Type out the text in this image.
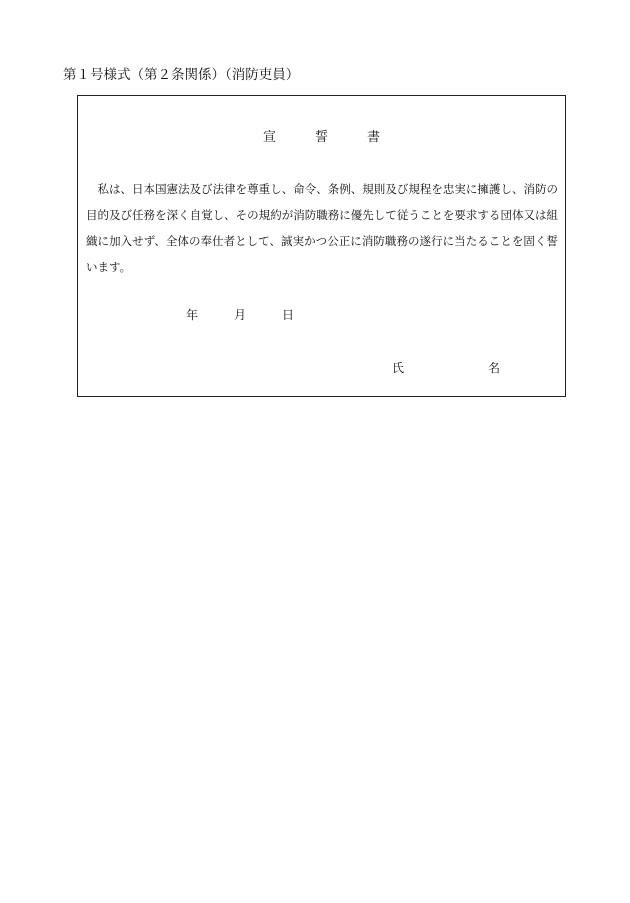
第１号様式（第２条関係）（消防吏員）
宣　　　誓　　　書

私は、日本国憲法及び法律を尊重し、命令、条例、規則及び規程を忠実に擁護し、消防の目的及び任務を深く自覚し、その規約が消防職務に優先して従うことを要求する団体又は組織に加入せず、全体の奉仕者として、誠実かつ公正に消防職務の遂行に当たることを固く誓います。

年　　　月　　　日
氏　　　　　　　名
